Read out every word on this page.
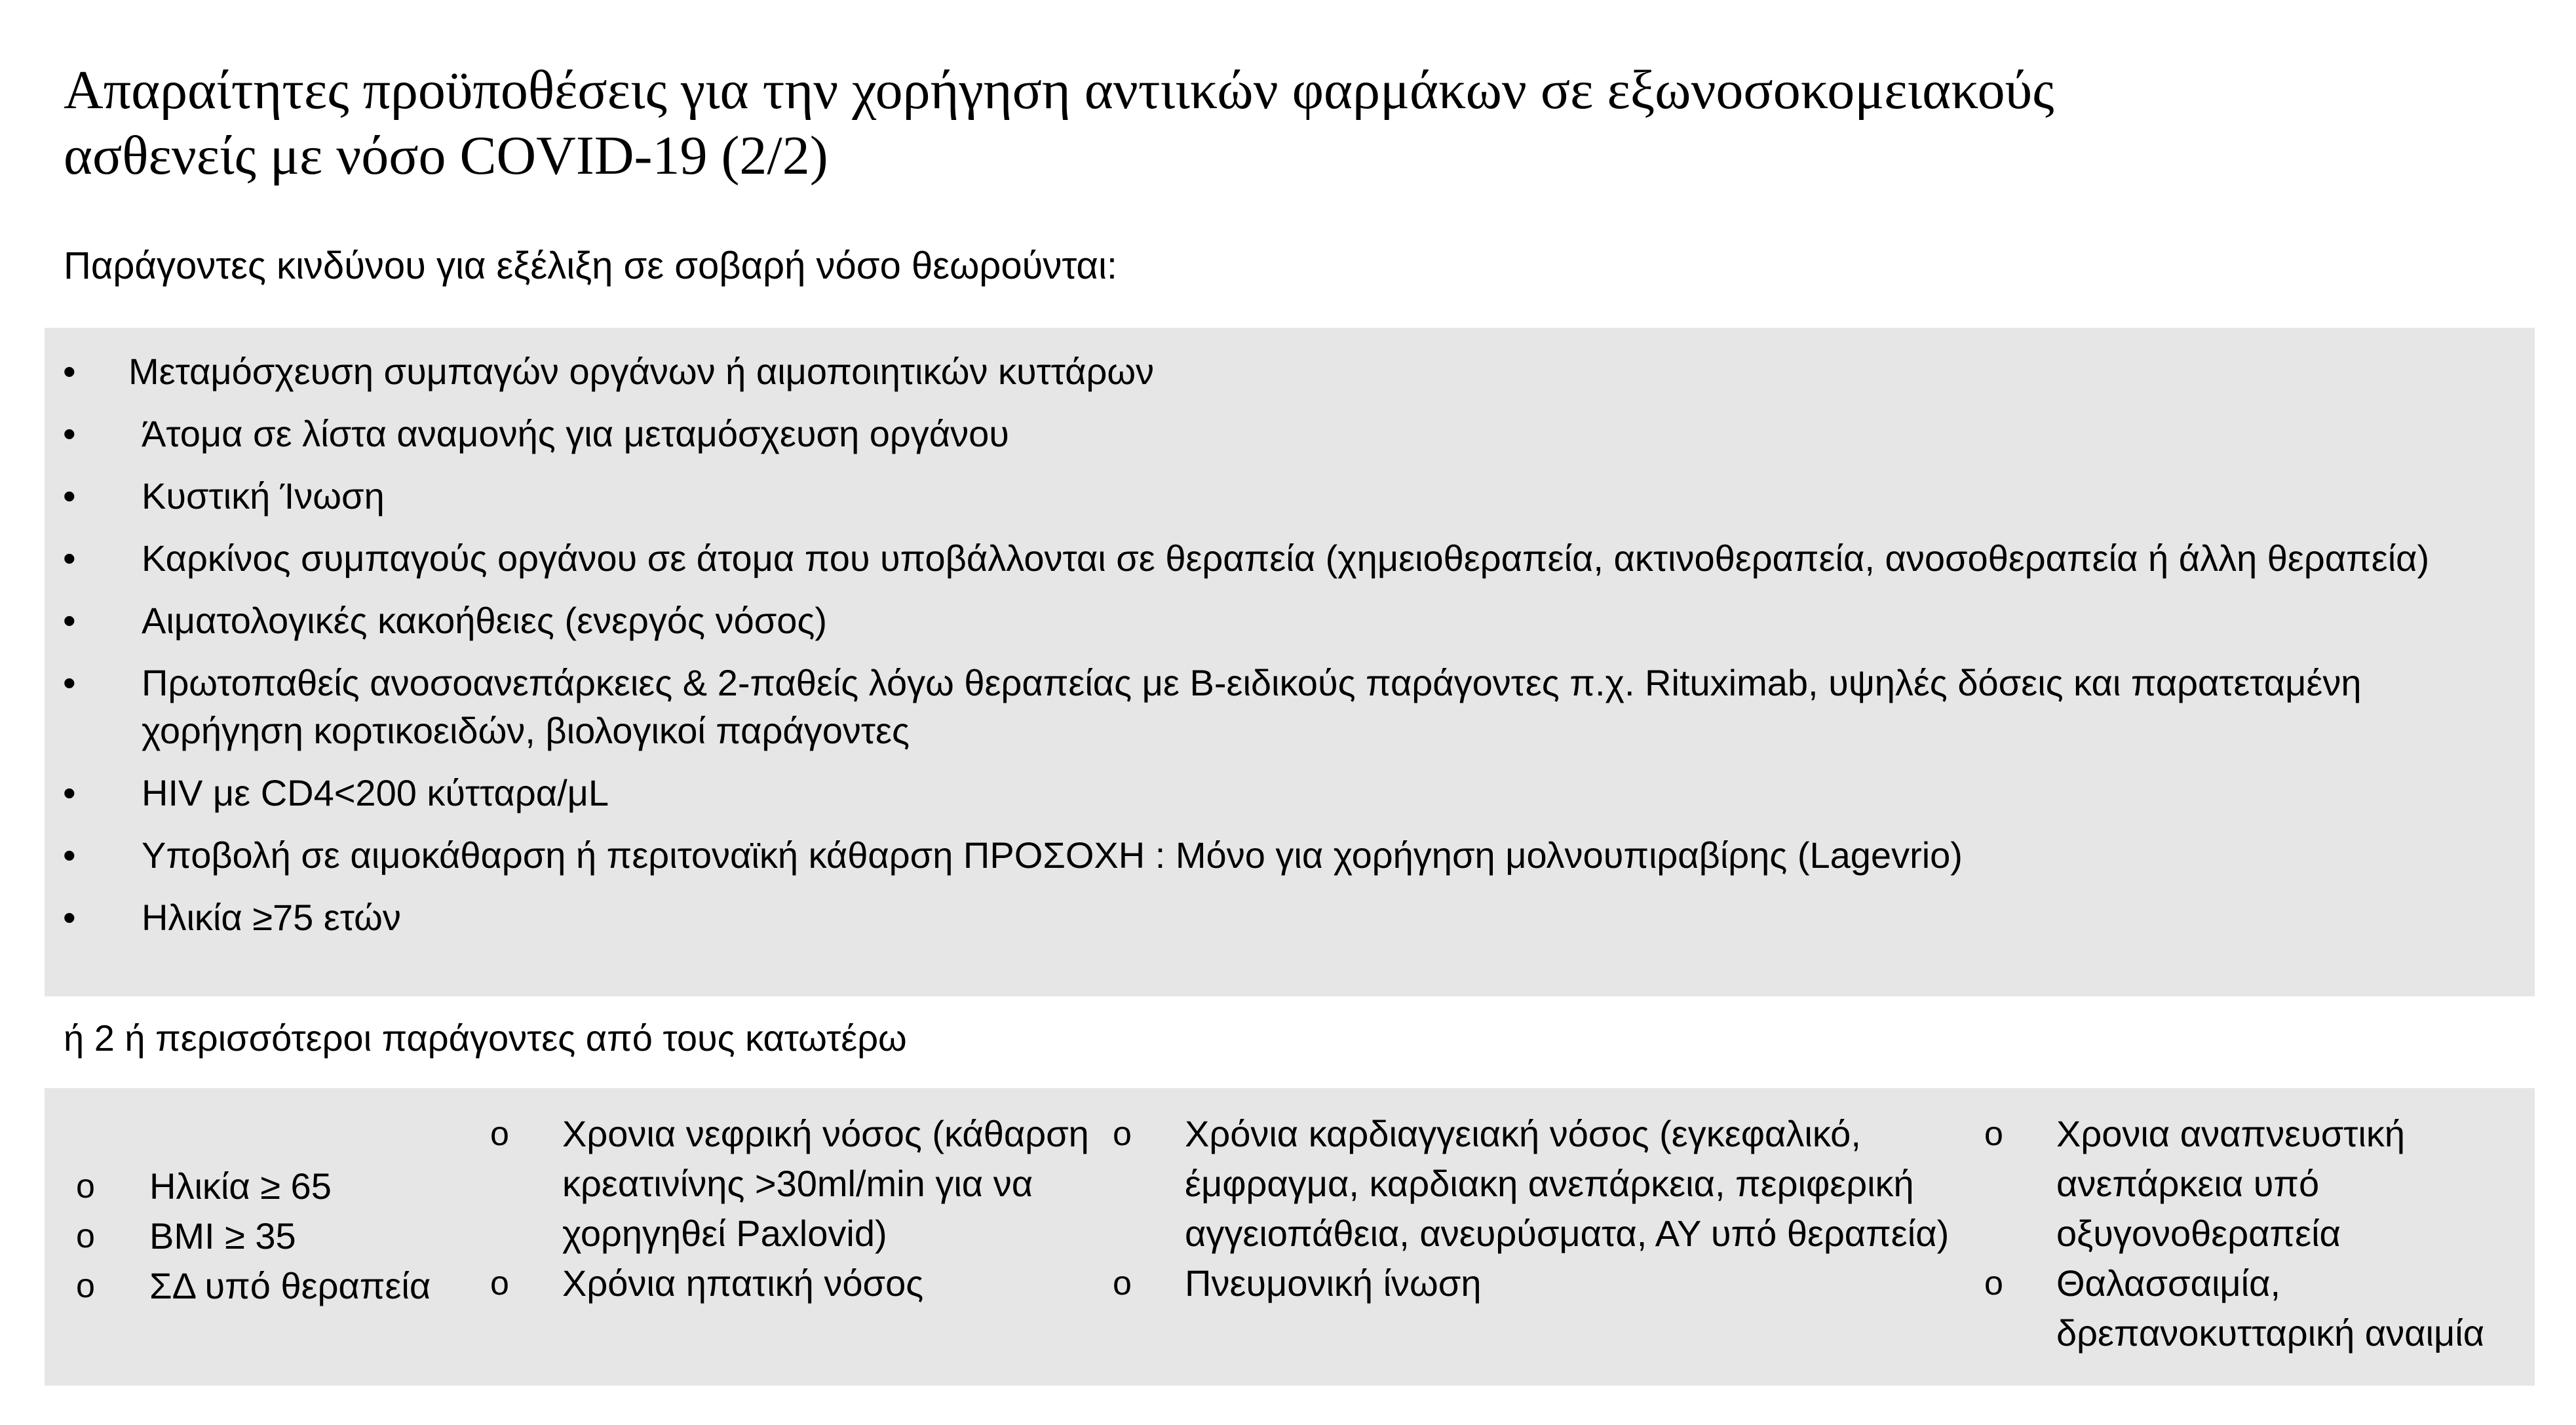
Απαραίτητες προϋποθέσεις για την χορήγηση αντιικών φαρμάκων σε εξωνοσοκομειακούς
ασθενείς με νόσο COVID-19 (2/2)
Παράγοντες κινδύνου για εξέλιξη σε σοβαρή νόσο θεωρούνται:
• Μεταμόσχευση συμπαγών οργάνων ή αιμοποιητικών κυττάρων
• Άτομα σε λίστα αναμονής για μεταμόσχευση οργάνου
• Κυστική Ίνωση
• Καρκίνος συμπαγούς οργάνου σε άτομα που υποβάλλονται σε θεραπεία (χημειοθεραπεία, ακτινοθεραπεία, ανοσοθεραπεία ή άλλη θεραπεία)
• Αιματολογικές κακοήθειες (ενεργός νόσος)
• Πρωτοπαθείς ανοσοανεπάρκειες & 2-παθείς λόγω θεραπείας με Β-ειδικούς παράγοντες π.χ. Rituximab, υψηλές δόσεις και παρατεταμένη χορήγηση κορτικοειδών, βιολογικοί παράγοντες
• HIV με CD4<200 κύτταρα/μL
• Υποβολή σε αιμοκάθαρση ή περιτοναϊκή κάθαρση ΠΡΟΣΟΧΗ : Μόνο για χορήγηση μολνουπιραβίρης (Lagevrio)
• Ηλικία ≥75 ετών
ή 2 ή περισσότεροι παράγοντες από τους κατωτέρω
o Ηλικία ≥ 65
o BMI ≥ 35
o ΣΔ υπό θεραπεία
o Χρονια νεφρική νόσος (κάθαρση κρεατινίνης >30ml/min για να χορηγηθεί Paxlovid)
o Χρόνια ηπατική νόσος
o Χρόνια καρδιαγγειακή νόσος (εγκεφαλικό, έμφραγμα, καρδιακη ανεπάρκεια, περιφερική αγγειοπάθεια, ανευρύσματα, ΑΥ υπό θεραπεία)
o Πνευμονική ίνωση
o Χρονια αναπνευστική ανεπάρκεια υπό οξυγονοθεραπεία
o Θαλασσαιμία, δρεπανοκυτταρική αναιμία
